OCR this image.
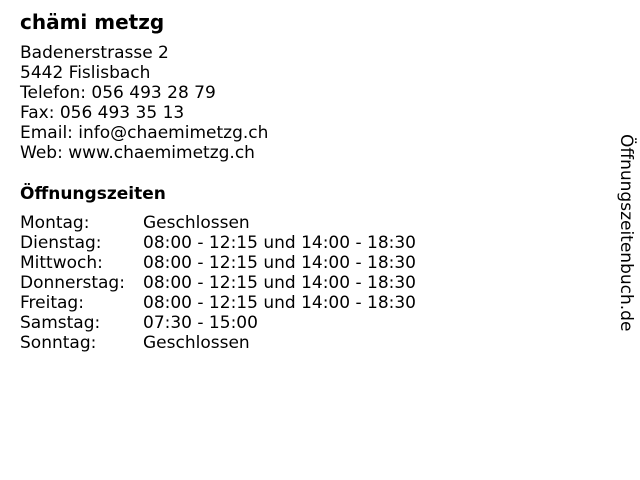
chämi metzg
Badenerstrasse 2
5442 Fislisbach
Telefon: 056 493 28 79
Fax: 056 493 35 13
Email: info@chaemimetzg.ch
Web: www.chaemimetzg.ch
Öffnungszeiten
Montag:	Geschlossen
Dienstag:	08:00 - 12:15 und 14:00 - 18:30
Mittwoch:	08:00 - 12:15 und 14:00 - 18:30
Donnerstag:	08:00 - 12:15 und 14:00 - 18:30
Freitag:	08:00 - 12:15 und 14:00 - 18:30
Samstag:	07:30 - 15:00
Sonntag:	Geschlossen
Öffnungszeitenbuch.de
